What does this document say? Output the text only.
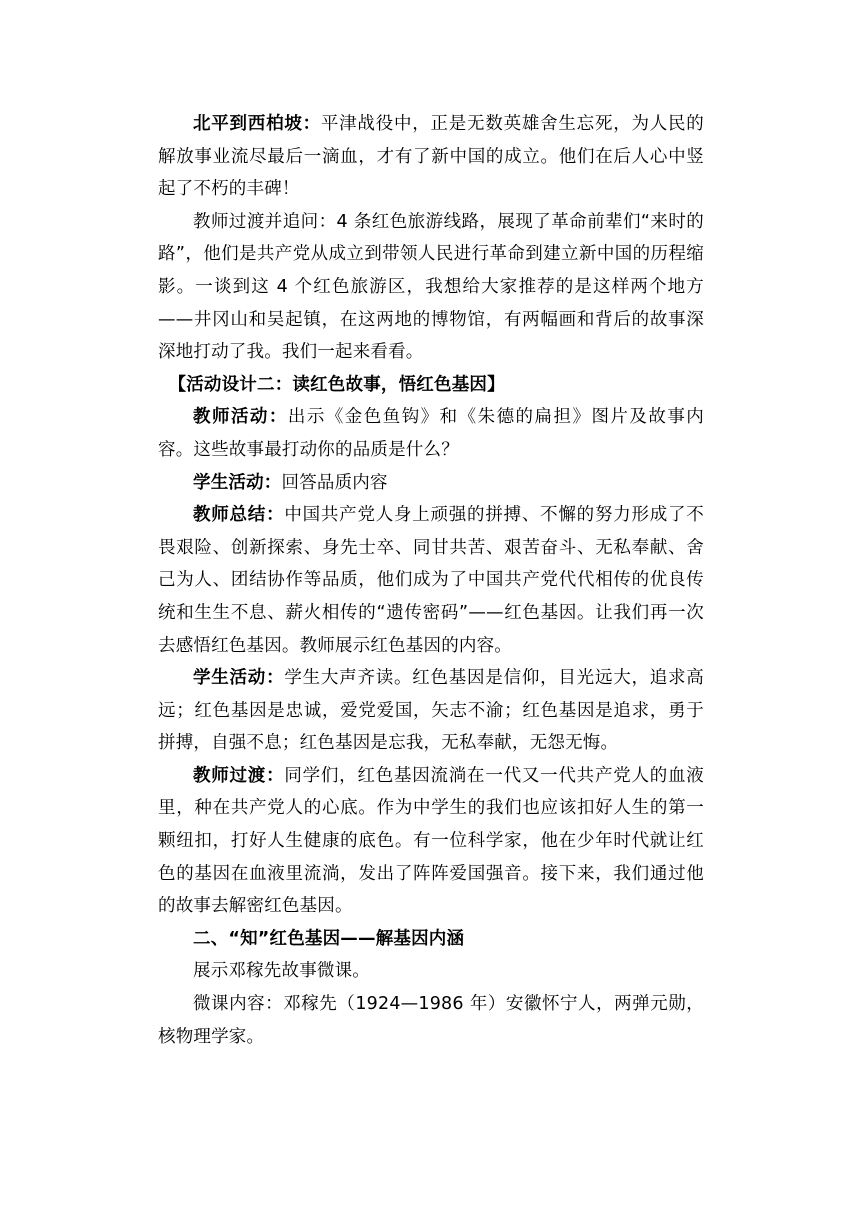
北平到西柏坡：平津战役中，正是无数英雄舍生忘死，为人民的解放事业流尽最后一滴血，才有了新中国的成立。他们在后人心中竖起了不朽的丰碑！

教师过渡并追问：4 条红色旅游线路，展现了革命前辈们“来时的路”，他们是共产党从成立到带领人民进行革命到建立新中国的历程缩影。一谈到这 4 个红色旅游区，我想给大家推荐的是这样两个地方——井冈山和吴起镇，在这两地的博物馆，有两幅画和背后的故事深深地打动了我。我们一起来看看。

【活动设计二：读红色故事，悟红色基因】

教师活动：出示《金色鱼钩》和《朱德的扁担》图片及故事内容。这些故事最打动你的品质是什么？

学生活动：回答品质内容

教师总结：中国共产党人身上顽强的拼搏、不懈的努力形成了不畏艰险、创新探索、身先士卒、同甘共苦、艰苦奋斗、无私奉献、舍己为人、团结协作等品质，他们成为了中国共产党代代相传的优良传统和生生不息、薪火相传的“遗传密码”——红色基因。让我们再一次去感悟红色基因。教师展示红色基因的内容。

学生活动：学生大声齐读。红色基因是信仰，目光远大，追求高远；红色基因是忠诚，爱党爱国，矢志不渝；红色基因是追求，勇于拼搏，自强不息；红色基因是忘我，无私奉献，无怨无悔。

教师过渡：同学们，红色基因流淌在一代又一代共产党人的血液里，种在共产党人的心底。作为中学生的我们也应该扣好人生的第一颗纽扣，打好人生健康的底色。有一位科学家，他在少年时代就让红色的基因在血液里流淌，发出了阵阵爱国强音。接下来，我们通过他的故事去解密红色基因。

二、“知”红色基因——解基因内涵

展示邓稼先故事微课。

微课内容：邓稼先（1924—1986 年）安徽怀宁人，两弹元勋，核物理学家。
